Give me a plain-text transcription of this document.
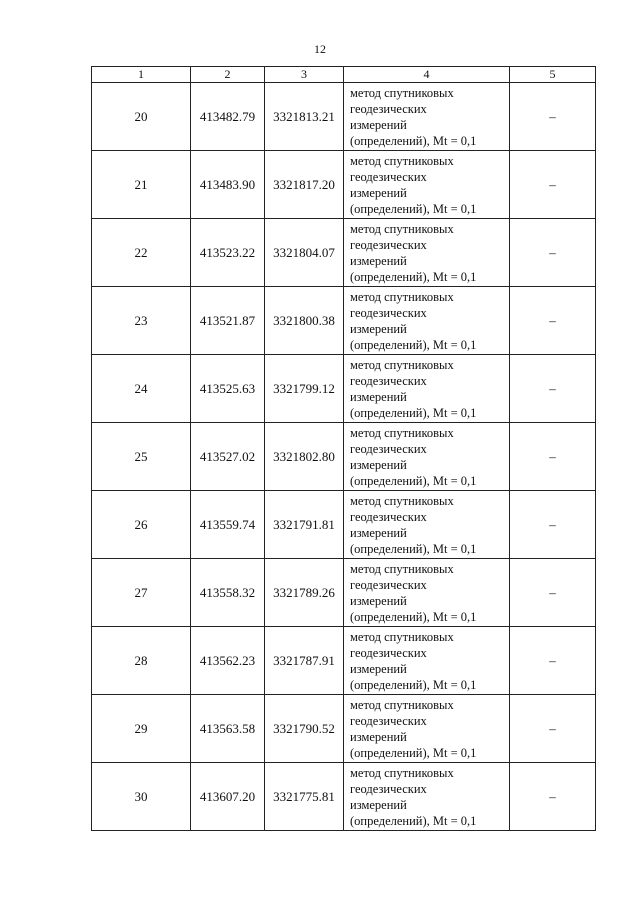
12
1	2	3	4	5
20	413482.79	3321813.21	метод спутниковых
геодезических
измерений
(определений), Mt = 0,1	–
21	413483.90	3321817.20	метод спутниковых
геодезических
измерений
(определений), Mt = 0,1	–
22	413523.22	3321804.07	метод спутниковых
геодезических
измерений
(определений), Mt = 0,1	–
23	413521.87	3321800.38	метод спутниковых
геодезических
измерений
(определений), Mt = 0,1	–
24	413525.63	3321799.12	метод спутниковых
геодезических
измерений
(определений), Mt = 0,1	–
25	413527.02	3321802.80	метод спутниковых
геодезических
измерений
(определений), Mt = 0,1	–
26	413559.74	3321791.81	метод спутниковых
геодезических
измерений
(определений), Mt = 0,1	–
27	413558.32	3321789.26	метод спутниковых
геодезических
измерений
(определений), Mt = 0,1	–
28	413562.23	3321787.91	метод спутниковых
геодезических
измерений
(определений), Mt = 0,1	–
29	413563.58	3321790.52	метод спутниковых
геодезических
измерений
(определений), Mt = 0,1	–
30	413607.20	3321775.81	метод спутниковых
геодезических
измерений
(определений), Mt = 0,1	–
